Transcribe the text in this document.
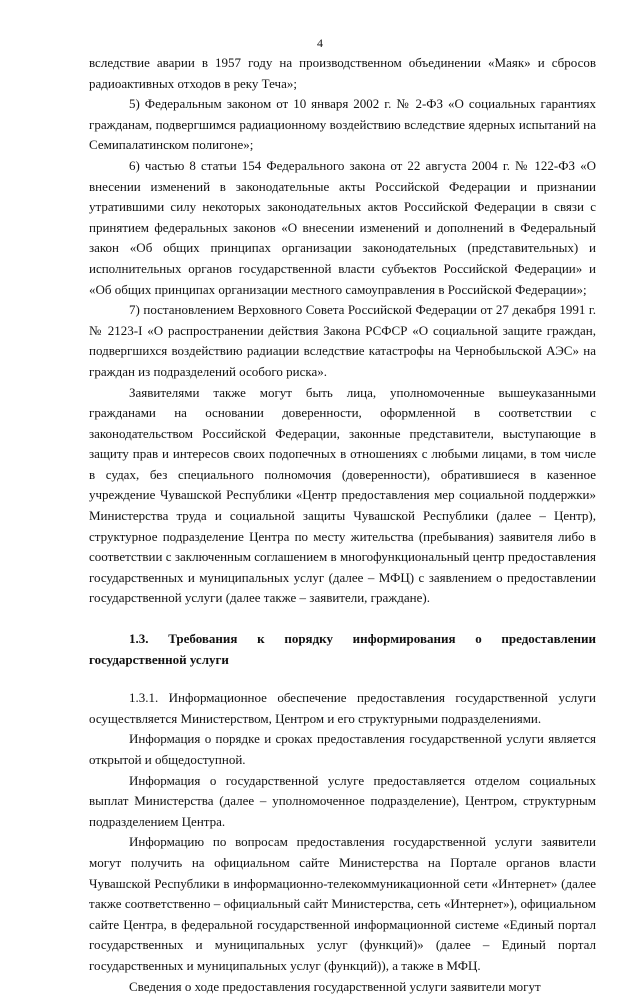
4

вследствие аварии в 1957 году на производственном объединении «Маяк» и сбросов радиоактивных отходов в реку Теча»;

5) Федеральным законом от 10 января 2002 г. № 2-ФЗ «О социальных гарантиях гражданам, подвергшимся радиационному воздействию вследствие ядерных испытаний на Семипалатинском полигоне»;

6) частью 8 статьи 154 Федерального закона от 22 августа 2004 г. № 122-ФЗ «О внесении изменений в законодательные акты Российской Федерации и признании утратившими силу некоторых законодательных актов Российской Федерации в связи с принятием федеральных законов «О внесении изменений и дополнений в Федеральный закон «Об общих принципах организации законодательных (представительных) и исполнительных органов государственной власти субъектов Российской Федерации» и «Об общих принципах организации местного самоуправления в Российской Федерации»;

7) постановлением Верховного Совета Российской Федерации от 27 декабря 1991 г. № 2123-I «О распространении действия Закона РСФСР «О социальной защите граждан, подвергшихся воздействию радиации вследствие катастрофы на Чернобыльской АЭС» на граждан из подразделений особого риска».

Заявителями также могут быть лица, уполномоченные вышеуказанными гражданами на основании доверенности, оформленной в соответствии с законодательством Российской Федерации, законные представители, выступающие в защиту прав и интересов своих подопечных в отношениях с любыми лицами, в том числе в судах, без специального полномочия (доверенности), обратившиеся в казенное учреждение Чувашской Республики «Центр предоставления мер социальной поддержки» Министерства труда и социальной защиты Чувашской Республики (далее – Центр), структурное подразделение Центра по месту жительства (пребывания) заявителя либо в соответствии с заключенным соглашением в многофункциональный центр предоставления государственных и муниципальных услуг (далее – МФЦ) с заявлением о предоставлении государственной услуги (далее также – заявители, граждане).

1.3. Требования к порядку информирования о предоставлении государственной услуги

1.3.1. Информационное обеспечение предоставления государственной услуги осуществляется Министерством, Центром и его структурными подразделениями.

Информация о порядке и сроках предоставления государственной услуги является открытой и общедоступной.

Информация о государственной услуге предоставляется отделом социальных выплат Министерства (далее – уполномоченное подразделение), Центром, структурным подразделением Центра.

Информацию по вопросам предоставления государственной услуги заявители могут получить на официальном сайте Министерства на Портале органов власти Чувашской Республики в информационно-телекоммуникационной сети «Интернет» (далее также соответственно – официальный сайт Министерства, сеть «Интернет»), официальном сайте Центра, в федеральной государственной информационной системе «Единый портал государственных и муниципальных услуг (функций)» (далее – Единый портал государственных и муниципальных услуг (функций)), а также в МФЦ.

Сведения о ходе предоставления государственной услуги заявители могут
